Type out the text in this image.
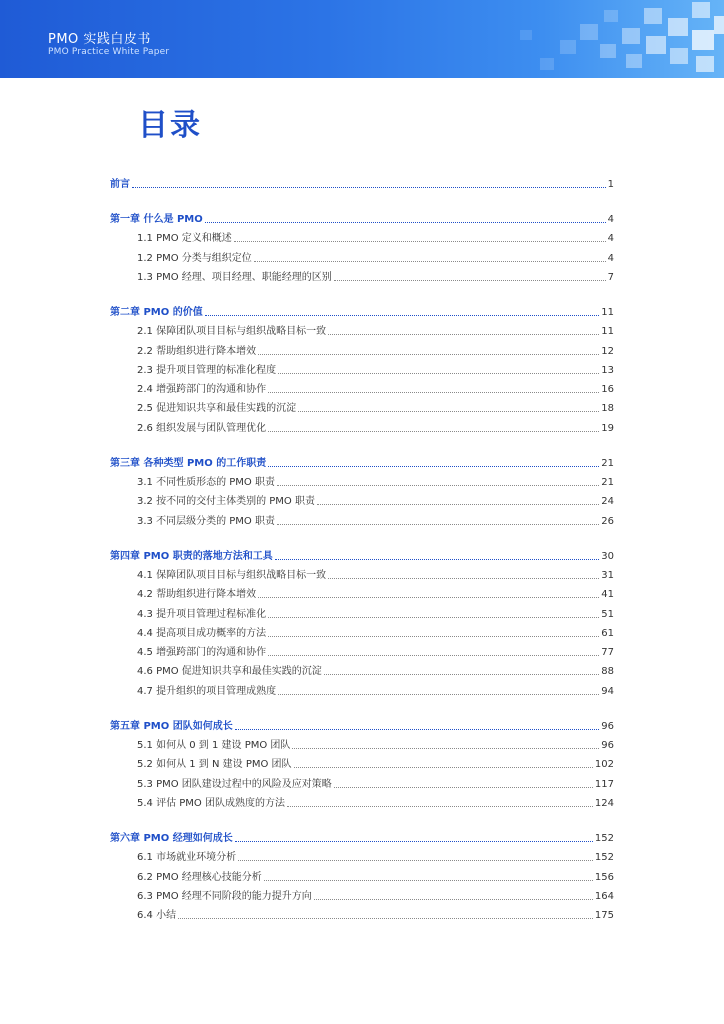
PMO 实践白皮书
PMO Practice White Paper
目录
前言	1
第一章 什么是 PMO	4
1.1 PMO 定义和概述	4
1.2 PMO 分类与组织定位	4
1.3 PMO 经理、项目经理、职能经理的区别	7
第二章 PMO 的价值	11
2.1 保障团队项目目标与组织战略目标一致	11
2.2 帮助组织进行降本增效	12
2.3 提升项目管理的标准化程度	13
2.4 增强跨部门的沟通和协作	16
2.5 促进知识共享和最佳实践的沉淀	18
2.6 组织发展与团队管理优化	19
第三章 各种类型 PMO 的工作职责	21
3.1 不同性质形态的 PMO 职责	21
3.2 按不同的交付主体类别的 PMO 职责	24
3.3 不同层级分类的 PMO 职责	26
第四章 PMO 职责的落地方法和工具	30
4.1 保障团队项目目标与组织战略目标一致	31
4.2 帮助组织进行降本增效	41
4.3 提升项目管理过程标准化	51
4.4 提高项目成功概率的方法	61
4.5 增强跨部门的沟通和协作	77
4.6 PMO 促进知识共享和最佳实践的沉淀	88
4.7 提升组织的项目管理成熟度	94
第五章 PMO 团队如何成长	96
5.1 如何从 0 到 1 建设 PMO 团队	96
5.2 如何从 1 到 N 建设 PMO 团队	102
5.3 PMO 团队建设过程中的风险及应对策略	117
5.4 评估 PMO 团队成熟度的方法	124
第六章 PMO 经理如何成长	152
6.1 市场就业环境分析	152
6.2 PMO 经理核心技能分析	156
6.3 PMO 经理不同阶段的能力提升方向	164
6.4 小结	175
